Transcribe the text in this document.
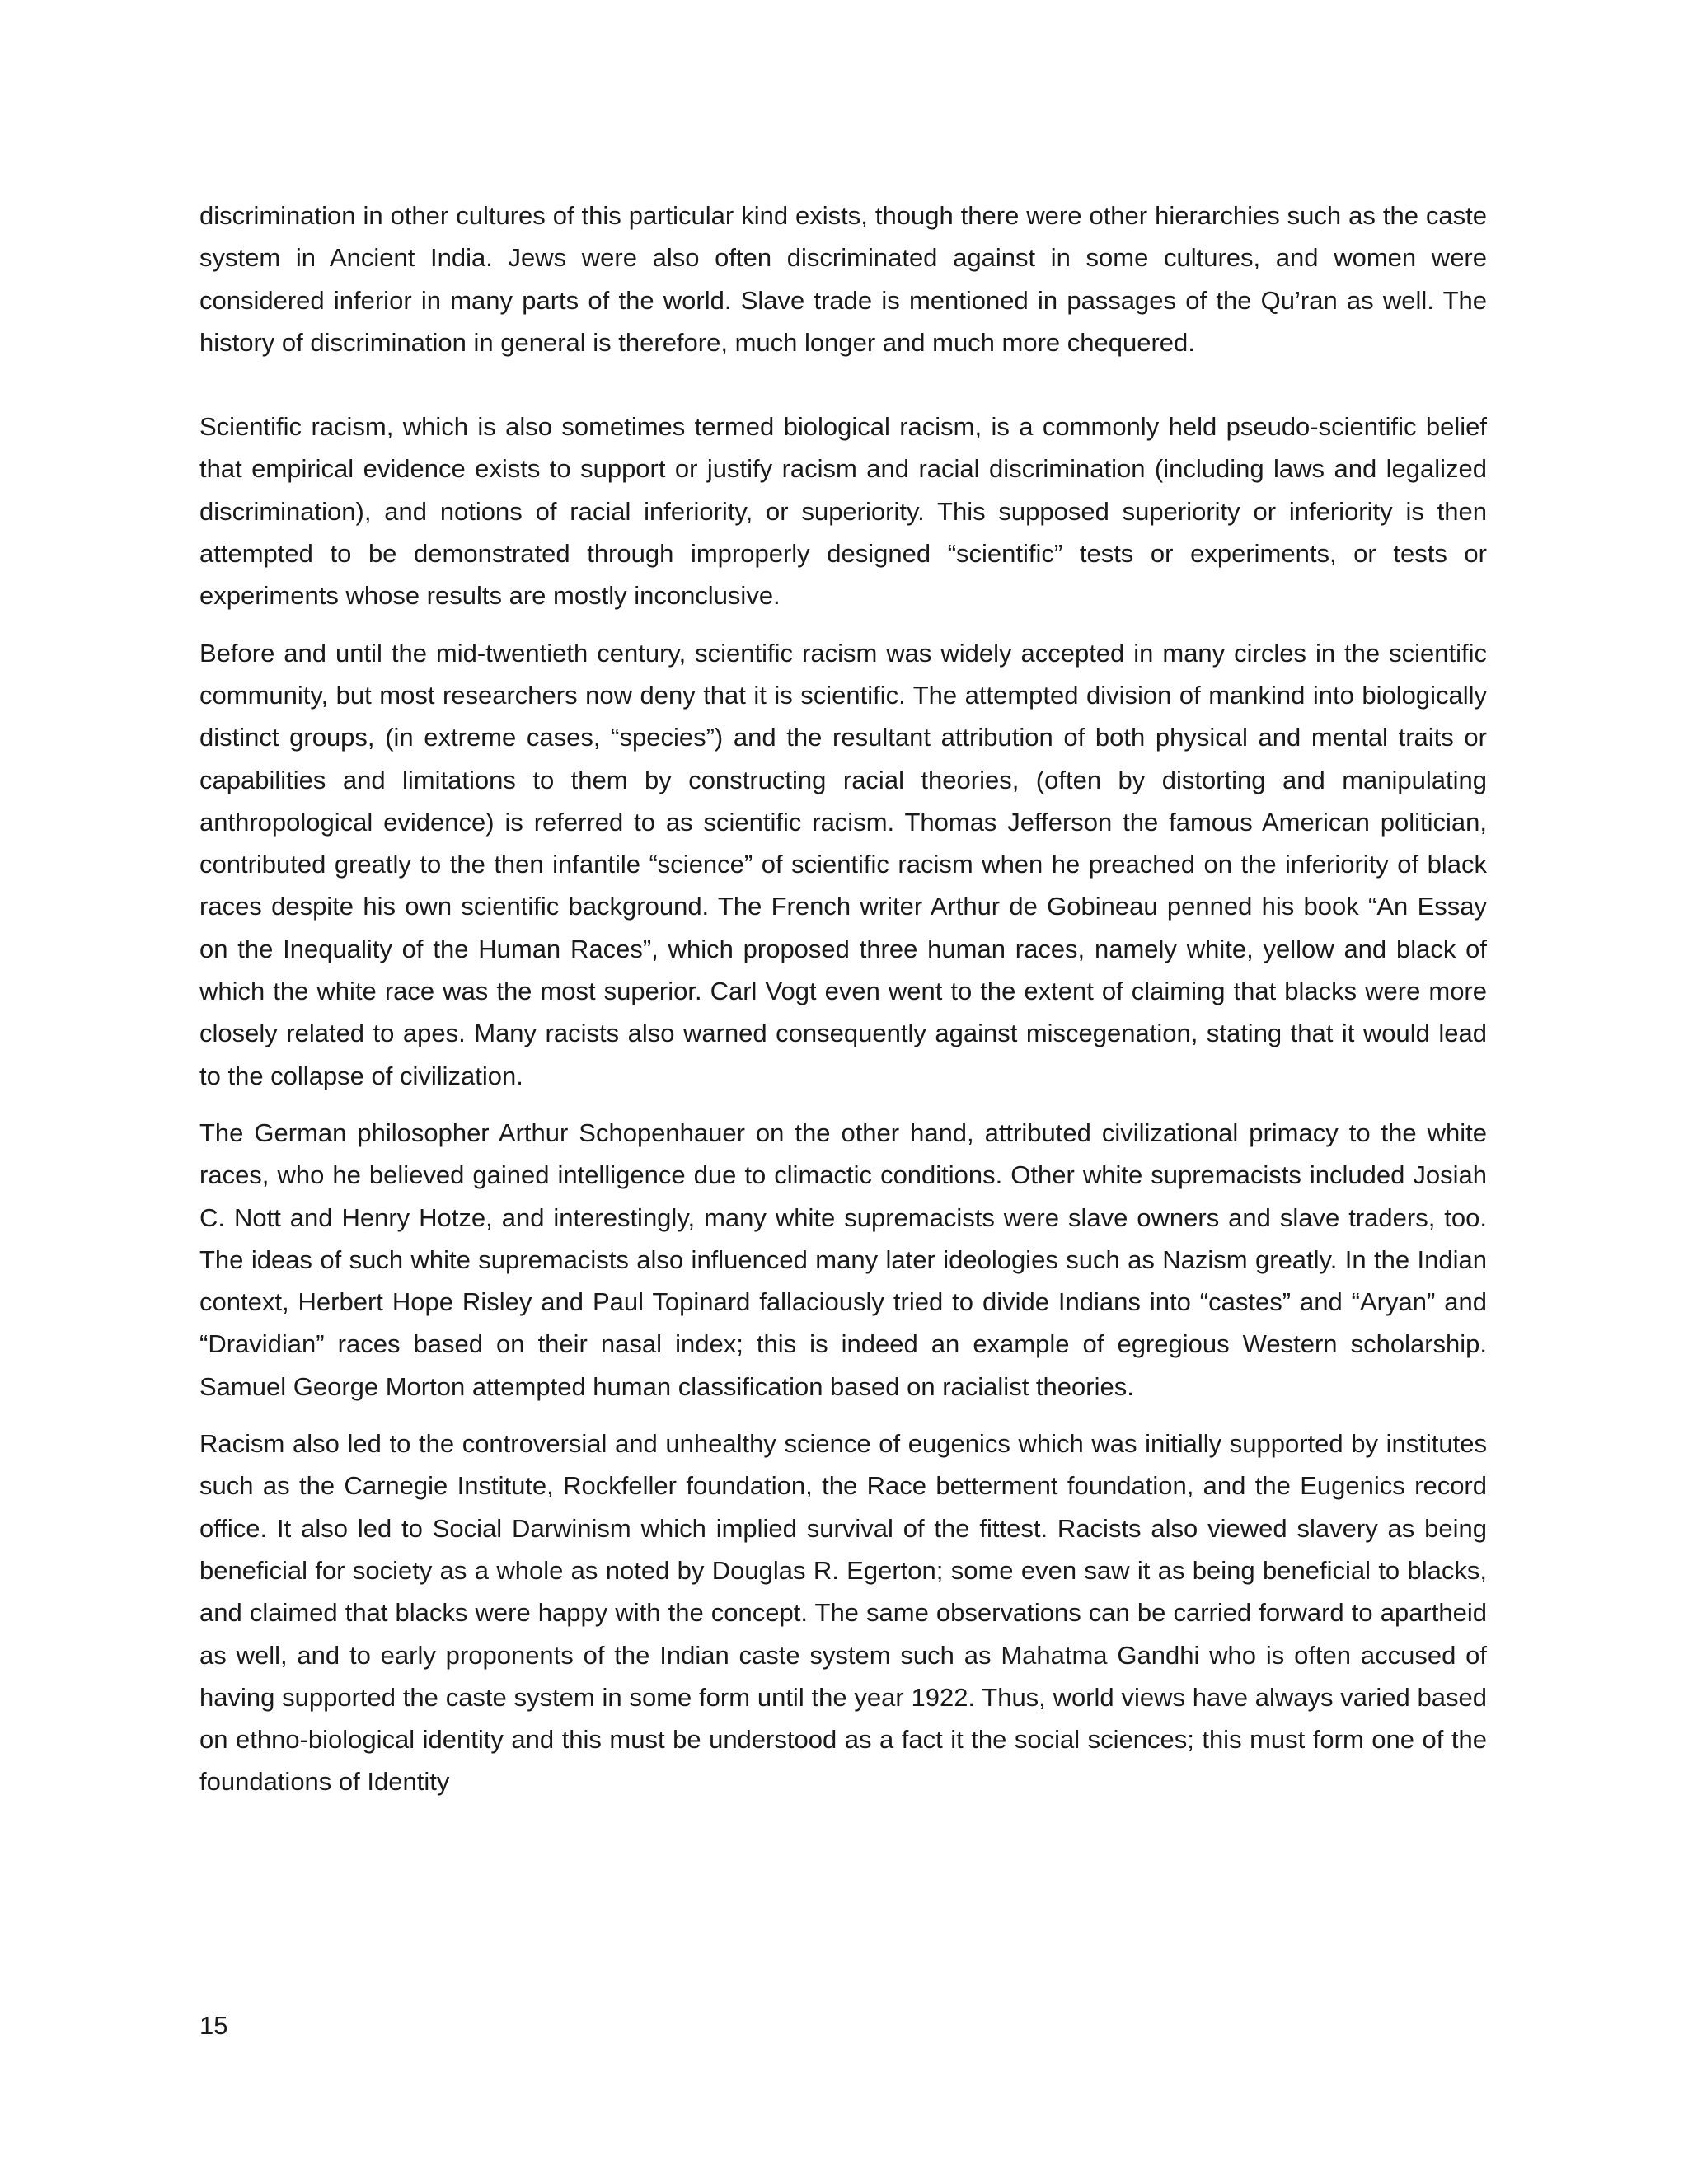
discrimination in other cultures of this particular kind exists, though there were other hierarchies such as the caste system in Ancient India. Jews were also often discriminated against in some cultures, and women were considered inferior in many parts of the world. Slave trade is mentioned in passages of the Qu’ran as well. The history of discrimination in general is therefore, much longer and much more chequered.

Scientific racism, which is also sometimes termed biological racism, is a commonly held pseudo-scientific belief that empirical evidence exists to support or justify racism and racial discrimination (including laws and legalized discrimination), and notions of racial inferiority, or superiority. This supposed superiority or inferiority is then attempted to be demonstrated through improperly designed “scientific” tests or experiments, or tests or experiments whose results are mostly inconclusive.

Before and until the mid-twentieth century, scientific racism was widely accepted in many circles in the scientific community, but most researchers now deny that it is scientific. The attempted division of mankind into biologically distinct groups, (in extreme cases, “species”) and the resultant attribution of both physical and mental traits or capabilities and limitations to them by constructing racial theories, (often by distorting and manipulating anthropological evidence) is referred to as scientific racism. Thomas Jefferson the famous American politician, contributed greatly to the then infantile “science” of scientific racism when he preached on the inferiority of black races despite his own scientific background. The French writer Arthur de Gobineau penned his book “An Essay on the Inequality of the Human Races”, which proposed three human races, namely white, yellow and black of which the white race was the most superior. Carl Vogt even went to the extent of claiming that blacks were more closely related to apes. Many racists also warned consequently against miscegenation, stating that it would lead to the collapse of civilization.

The German philosopher Arthur Schopenhauer on the other hand, attributed civilizational primacy to the white races, who he believed gained intelligence due to climactic conditions. Other white supremacists included Josiah C. Nott and Henry Hotze, and interestingly, many white supremacists were slave owners and slave traders, too. The ideas of such white supremacists also influenced many later ideologies such as Nazism greatly. In the Indian context, Herbert Hope Risley and Paul Topinard fallaciously tried to divide Indians into “castes” and “Aryan” and “Dravidian” races based on their nasal index; this is indeed an example of egregious Western scholarship. Samuel George Morton attempted human classification based on racialist theories.

Racism also led to the controversial and unhealthy science of eugenics which was initially supported by institutes such as the Carnegie Institute, Rockfeller foundation, the Race betterment foundation, and the Eugenics record office. It also led to Social Darwinism which implied survival of the fittest. Racists also viewed slavery as being beneficial for society as a whole as noted by Douglas R. Egerton; some even saw it as being beneficial to blacks, and claimed that blacks were happy with the concept. The same observations can be carried forward to apartheid as well, and to early proponents of the Indian caste system such as Mahatma Gandhi who is often accused of having supported the caste system in some form until the year 1922. Thus, world views have always varied based on ethno-biological identity and this must be understood as a fact it the social sciences; this must form one of the foundations of Identity

15
